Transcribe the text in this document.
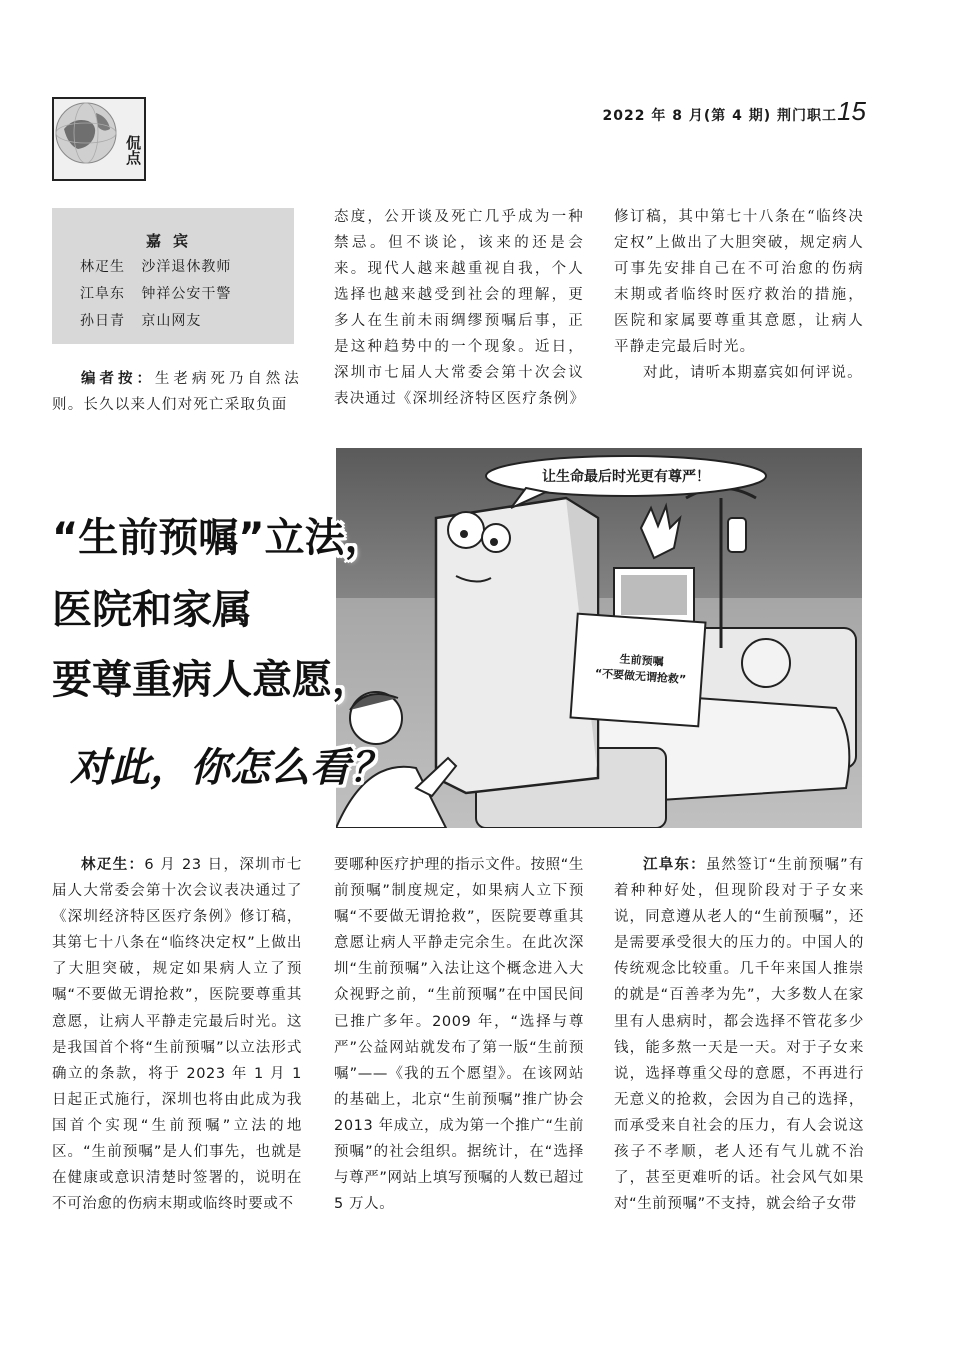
侃点
2022 年 8 月(第 4 期) 荆门职工 15
嘉宾
林疋生 沙洋退休教师
江阜东 钟祥公安干警
孙日青 京山网友

编者按：生老病死乃自然法则。长久以来人们对死亡采取负面

态度，公开谈及死亡几乎成为一种禁忌。但不谈论，该来的还是会来。现代人越来越重视自我，个人选择也越来越受到社会的理解，更多人在生前未雨绸缪预嘱后事，正是这种趋势中的一个现象。近日，深圳市七届人大常委会第十次会议表决通过《深圳经济特区医疗条例》

修订稿，其中第七十八条在“临终决定权”上做出了大胆突破，规定病人可事先安排自己在不可治愈的伤病末期或者临终时医疗救治的措施，医院和家属要尊重其意愿，让病人平静走完最后时光。

对此，请听本期嘉宾如何评说。

让生命最后时光更有尊严！
生前预嘱
“不要做无谓抢救”
“生前预嘱”立法，
医院和家属
要尊重病人意愿，
对此，你怎么看？

林疋生：6 月 23 日，深圳市七届人大常委会第十次会议表决通过了《深圳经济特区医疗条例》修订稿，其第七十八条在“临终决定权”上做出了大胆突破，规定如果病人立了预嘱“不要做无谓抢救”，医院要尊重其意愿，让病人平静走完最后时光。这是我国首个将“生前预嘱”以立法形式确立的条款，将于 2023 年 1 月 1 日起正式施行，深圳也将由此成为我国首个实现“生前预嘱”立法的地区。“生前预嘱”是人们事先，也就是在健康或意识清楚时签署的，说明在不可治愈的伤病末期或临终时要或不

要哪种医疗护理的指示文件。按照“生前预嘱”制度规定，如果病人立下预嘱“不要做无谓抢救”，医院要尊重其意愿让病人平静走完余生。在此次深圳“生前预嘱”入法让这个概念进入大众视野之前，“生前预嘱”在中国民间已推广多年。2009 年，“选择与尊严”公益网站就发布了第一版“生前预嘱”——《我的五个愿望》。在该网站的基础上，北京“生前预嘱”推广协会 2013 年成立，成为第一个推广“生前预嘱”的社会组织。据统计，在“选择与尊严”网站上填写预嘱的人数已超过 5 万人。

江阜东：虽然签订“生前预嘱”有着种种好处，但现阶段对于子女来说，同意遵从老人的“生前预嘱”，还是需要承受很大的压力的。中国人的传统观念比较重。几千年来国人推崇的就是“百善孝为先”，大多数人在家里有人患病时，都会选择不管花多少钱，能多熬一天是一天。对于子女来说，选择尊重父母的意愿，不再进行无意义的抢救，会因为自己的选择，而承受来自社会的压力，有人会说这孩子不孝顺，老人还有气儿就不治了，甚至更难听的话。社会风气如果对“生前预嘱”不支持，就会给子女带
